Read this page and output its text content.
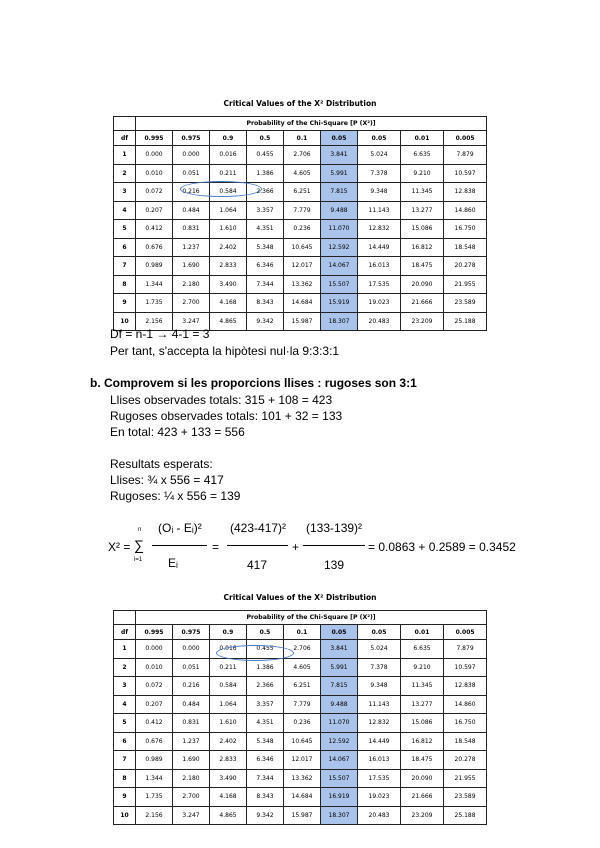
Critical Values of the X² Distribution
	Probability of the Chi-Square [P (X²)]								
df	0.995	0.975	0.9	0.5	0.1	0.05	0.05	0.01	0.005
1	0.000	0.000	0.016	0.455	2.706	3.841	5.024	6.635	7.879
2	0.010	0.051	0.211	1.386	4.605	5.991	7.378	9.210	10.597
3	0.072	0.216	0.584	2.366	6.251	7.815	9.348	11.345	12.838
4	0.207	0.484	1.064	3.357	7.779	9.488	11.143	13.277	14.860
5	0.412	0.831	1.610	4.351	0.236	11.070	12.832	15.086	16.750
6	0.676	1.237	2.402	5.348	10.645	12.592	14.449	16.812	18.548
7	0.989	1.690	2.833	6.346	12.017	14.067	16.013	18.475	20.278
8	1.344	2.180	3.490	7.344	13.362	15.507	17.535	20.090	21.955
9	1.735	2.700	4.168	8.343	14.684	15.919	19.023	21.666	23.589
10	2.156	3.247	4.865	9.342	15.987	18.307	20.483	23.209	25.188
Df = n-1 → 4-1 = 3
Per tant, s'accepta la hipòtesi nul·la 9:3:3:1
b. Comprovem si les proporcions llises : rugoses son 3:1
Llises observades totals: 315 + 108 = 423
Rugoses observades totals: 101 + 32 = 133
En total: 423 + 133 = 556
Resultats esperats:
Llises: ¾ x 556 = 417
Rugoses: ¼ x 556 = 139
X² =
n
∑
i=1
(Oᵢ - Eᵢ)²
Eᵢ
=
(423-417)²
417
+
(133-139)²
139
= 0.0863 + 0.2589 = 0.3452
Critical Values of the X² Distribution
	Probability of the Chi-Square [P (X²)]								
df	0.995	0.975	0.9	0.5	0.1	0.05	0.05	0.01	0.005
1	0.000	0.000	0.016	0.455	2.706	3.841	5.024	6.635	7.879
2	0.010	0.051	0.211	1.386	4.605	5.991	7.378	9.210	10.597
3	0.072	0.216	0.584	2.366	6.251	7.815	9.348	11.345	12.838
4	0.207	0.484	1.064	3.357	7.779	9.488	11.143	13.277	14.860
5	0.412	0.831	1.610	4.351	0.236	11.070	12.832	15.086	16.750
6	0.676	1.237	2.402	5.348	10.645	12.592	14.449	16.812	18.548
7	0.989	1.690	2.833	6.346	12.017	14.067	16.013	18.475	20.278
8	1.344	2.180	3.490	7.344	13.362	15.507	17.535	20.090	21.955
9	1.735	2.700	4.168	8.343	14.684	16.919	19.023	21.666	23.589
10	2.156	3.247	4.865	9.342	15.987	18.307	20.483	23.209	25.188
